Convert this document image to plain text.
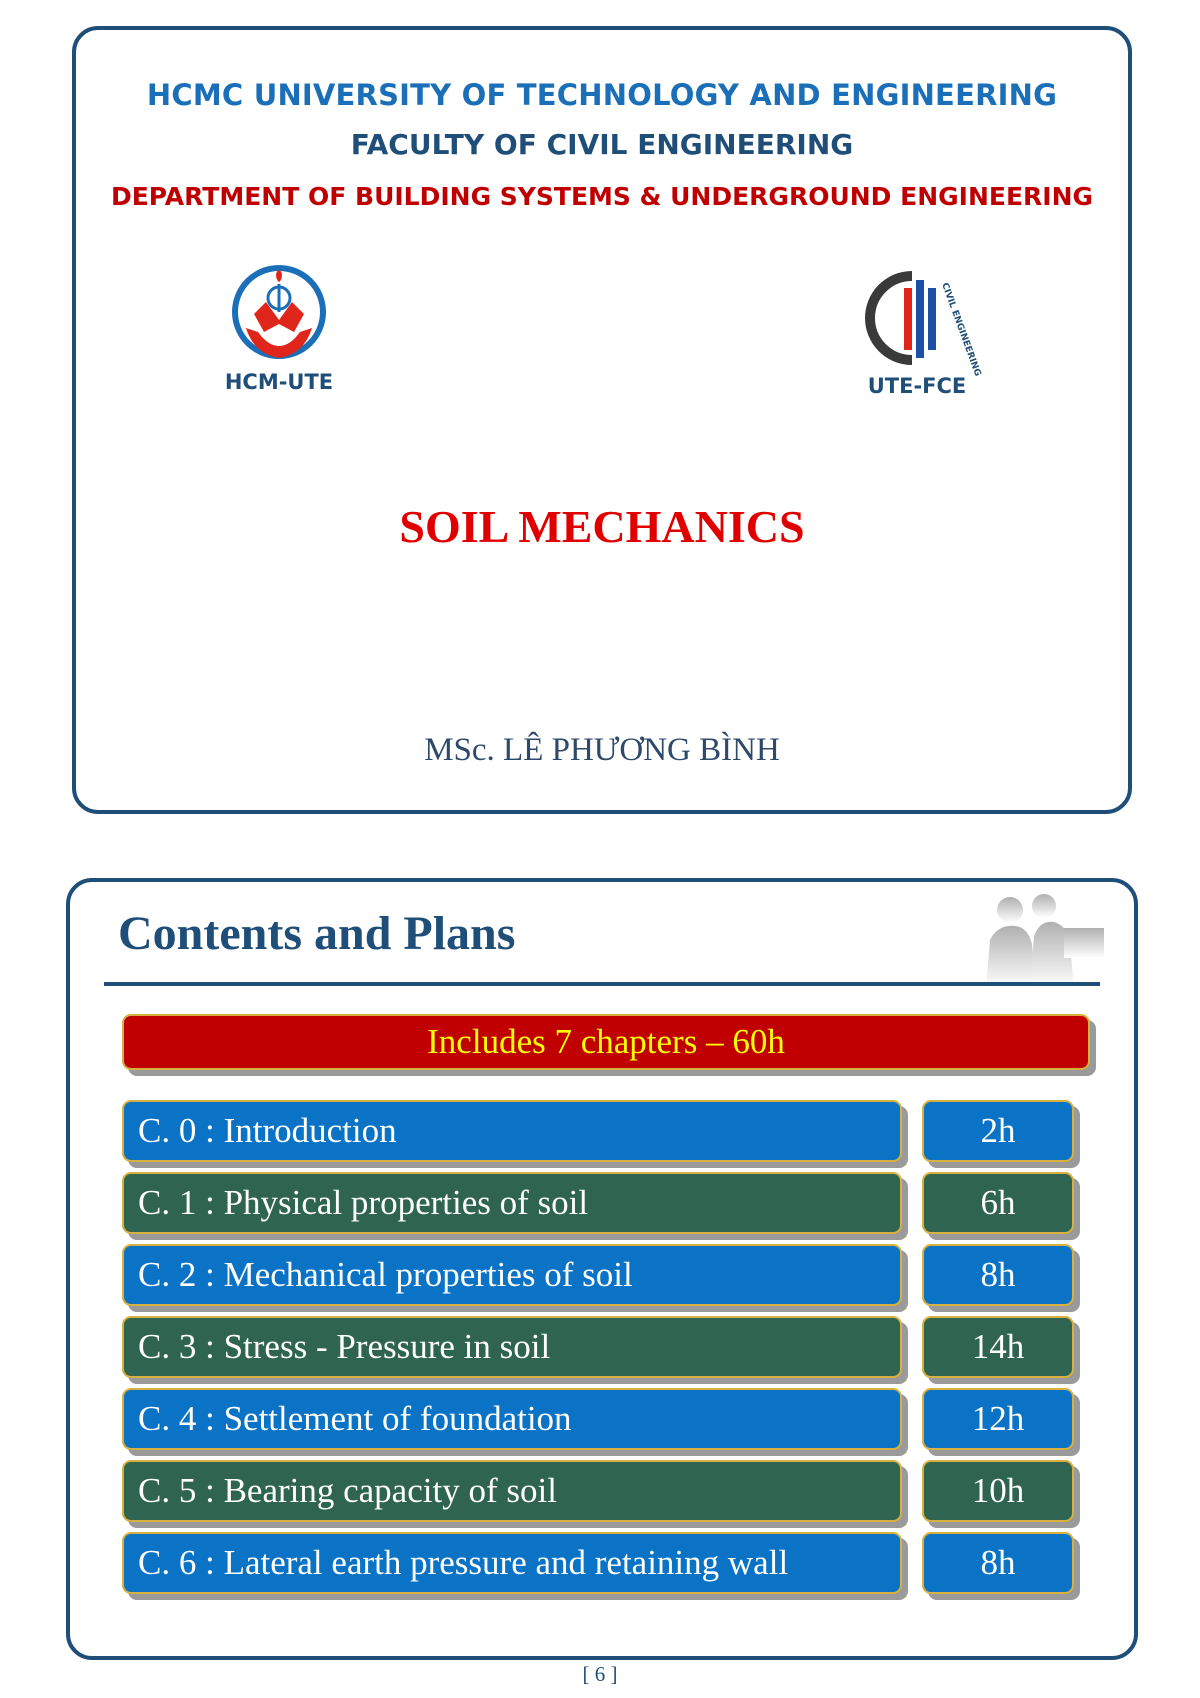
HCMC UNIVERSITY OF TECHNOLOGY AND ENGINEERING
FACULTY OF CIVIL ENGINEERING
DEPARTMENT OF BUILDING SYSTEMS & UNDERGROUND ENGINEERING
HCM-UTE
CIVIL ENGINEERING
UTE-FCE
SOIL MECHANICS
MSc. LÊ PHƯƠNG BÌNH
Contents and Plans
Includes 7 chapters – 60h
C. 0 : Introduction	2h
C. 1 : Physical properties of soil	6h
C. 2 : Mechanical properties of soil	8h
C. 3 : Stress - Pressure in soil	14h
C. 4 : Settlement of foundation	12h
C. 5 : Bearing capacity of soil	10h
C. 6 : Lateral earth pressure and retaining wall	8h
[ 6 ]
